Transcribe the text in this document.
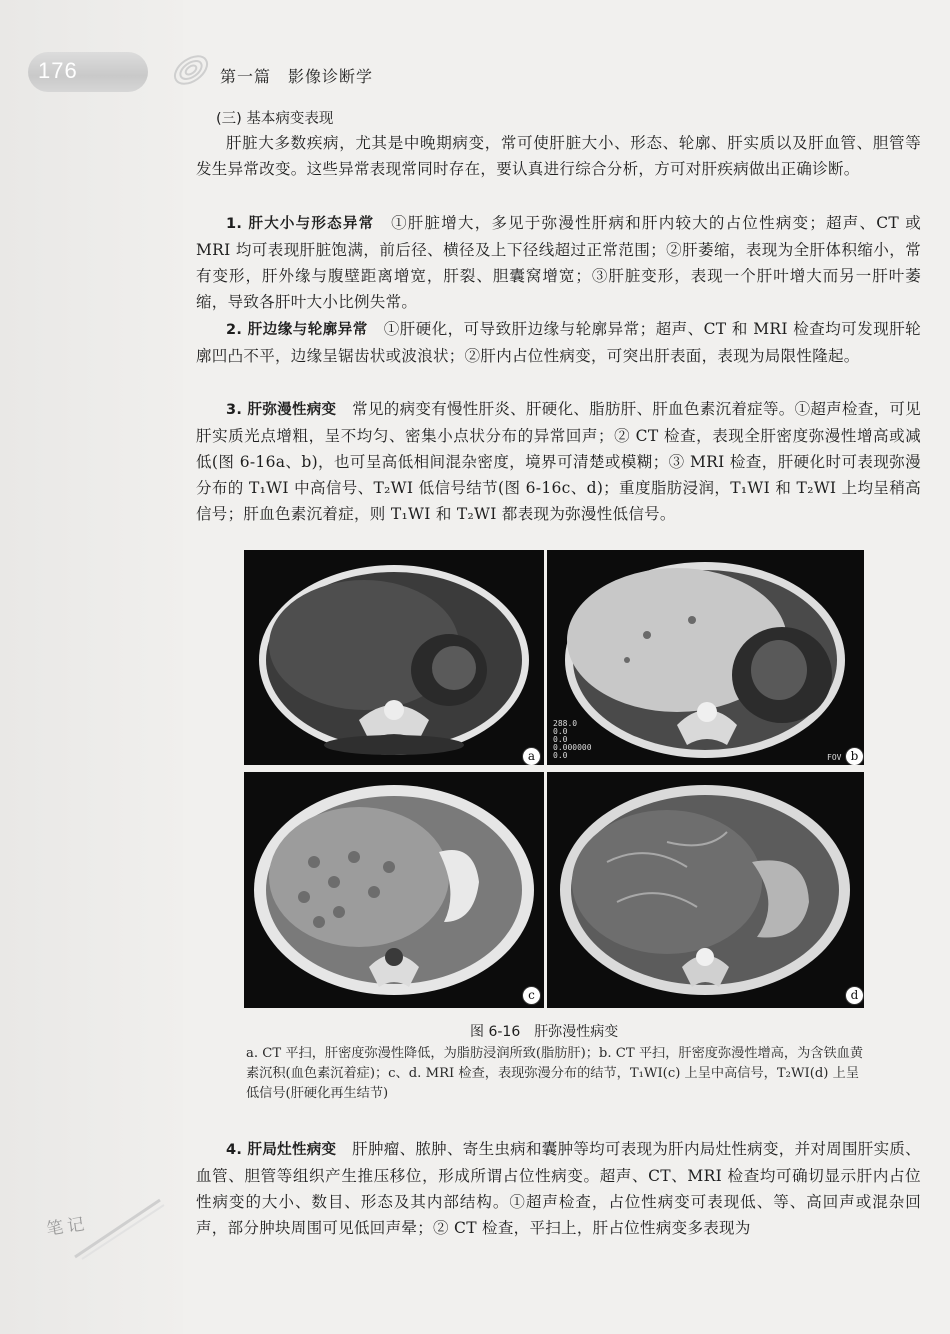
176	第一篇　影像诊断学
(三) 基本病变表现

肝脏大多数疾病，尤其是中晚期病变，常可使肝脏大小、形态、轮廓、肝实质以及肝血管、胆管等发生异常改变。这些异常表现常同时存在，要认真进行综合分析，方可对肝疾病做出正确诊断。

1. 肝大小与形态异常　 ①肝脏增大，多见于弥漫性肝病和肝内较大的占位性病变；超声、CT 或 MRI 均可表现肝脏饱满，前后径、横径及上下径线超过正常范围；②肝萎缩，表现为全肝体积缩小，常有变形，肝外缘与腹壁距离增宽，肝裂、胆囊窝增宽；③肝脏变形，表现一个肝叶增大而另一肝叶萎缩，导致各肝叶大小比例失常。

2. 肝边缘与轮廓异常　 ①肝硬化，可导致肝边缘与轮廓异常；超声、CT 和 MRI 检查均可发现肝轮廓凹凸不平，边缘呈锯齿状或波浪状；②肝内占位性病变，可突出肝表面，表现为局限性隆起。

3. 肝弥漫性病变　 常见的病变有慢性肝炎、肝硬化、脂肪肝、肝血色素沉着症等。①超声检查，可见肝实质光点增粗，呈不均匀、密集小点状分布的异常回声；② CT 检查，表现全肝密度弥漫性增高或减低(图 6-16a、b)，也可呈高低相间混杂密度，境界可清楚或模糊；③ MRI 检查，肝硬化时可表现弥漫分布的 T₁WI 中高信号、T₂WI 低信号结节(图 6-16c、d)；重度脂肪浸润，T₁WI 和 T₂WI 上均呈稍高信号；肝血色素沉着症，则 T₁WI 和 T₂WI 都表现为弥漫性低信号。

a
288.0
0.0
0.0
0.000000
0.0	FOV b
c	d
图 6-16　肝弥漫性病变
a. CT 平扫，肝密度弥漫性降低，为脂肪浸润所致(脂肪肝)；b. CT 平扫，肝密度弥漫性增高，为含铁血黄素沉积(血色素沉着症)；c、d. MRI 检查，表现弥漫分布的结节，T₁WI(c) 上呈中高信号，T₂WI(d) 上呈低信号(肝硬化再生结节)

4. 肝局灶性病变　 肝肿瘤、脓肿、寄生虫病和囊肿等均可表现为肝内局灶性病变，并对周围肝实质、血管、胆管等组织产生推压移位，形成所谓占位性病变。超声、CT、MRI 检查均可确切显示肝内占位性病变的大小、数目、形态及其内部结构。①超声检查，占位性病变可表现低、等、高回声或混杂回声，部分肿块周围可见低回声晕；② CT 检查，平扫上，肝占位性病变多表现为

笔记
